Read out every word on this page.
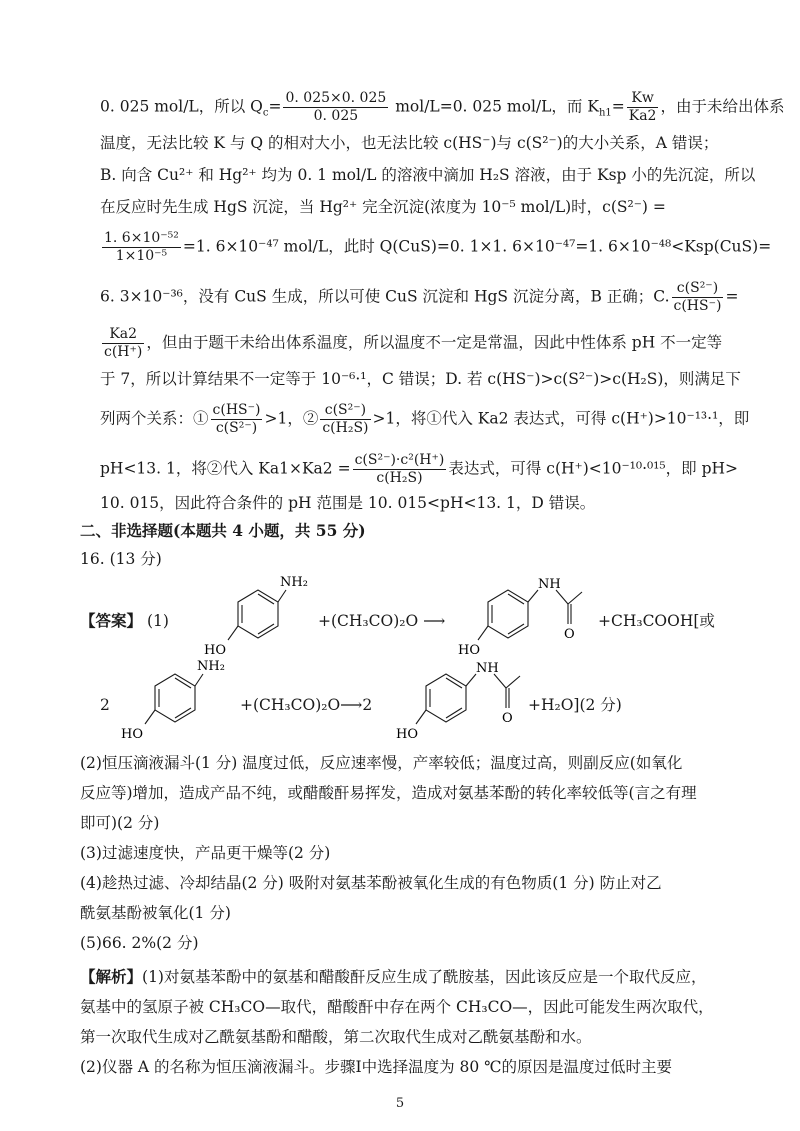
0. 025 mol/L，所以 $Q_c= \frac{0. 025\times 0. 025}{0. 025} mol/L=0$. 025 mol/L，而 $K_{h1}= \frac{Kw}{Ka2}$ ，由于未给出体系
温度，无法比较 K 与 Q 的相对大小，也无法比较 c(HS⁻)与 c(S²⁻)的大小关系，A 错误；
B. 向含 Cu²⁺ 和 Hg²⁺ 均为 0. 1 mol/L 的溶液中滴加 H₂S 溶液，由于 Ksp 小的先沉淀，所以
在反应时先生成 HgS 沉淀，当 Hg²⁺ 完全沉淀(浓度为 10⁻⁵ mol/L)时，c(S²⁻) =
$\frac{\text{1. 6×10⁻⁵²}}{\text{1×10⁻⁵}} =1$. 6×10⁻⁴⁷ mol/L，此时 Q(CuS)=0. 1×1. 6×10⁻⁴⁷=1. 6×10⁻⁴⁸<Ksp(CuS)=
6. 3×10⁻³⁶，没有 CuS 生成，所以可使 CuS 沉淀和 HgS 沉淀分离，B 正确；C. $\frac{\text{c(S²⁻)}}{c(HS^-)}$ =
$\frac{Ka2}{c(H^+)}$ ，但由于题干未给出体系温度，所以温度不一定是常温，因此中性体系 pH 不一定等
于 7，所以计算结果不一定等于 10⁻⁶·¹，C 错误；D. 若 c(HS⁻)>c(S²⁻)>c(H₂S)，则满足下
列两个关系：① $\frac{c(HS^-)}{\text{c(S²⁻)}} >1$，② $\frac{\text{c(S²⁻)}}{\text{c(H₂S)}} >1$，将①代入 Ka2 表达式，可得 c(H⁺)>10⁻¹³·¹，即
pH<13. 1，将②代入 $Ka1\times Ka2 = \frac{\text{c(S²⁻)·c²(H⁺)}}{\text{c(H₂S)}}$ 表达式，可得 c(H⁺)<10⁻¹⁰·⁰¹⁵，即 pH>
10. 015，因此符合条件的 pH 范围是 10. 015<pH<13. 1，D 错误。
二、非选择题(本题共 4 小题，共 55 分)
16. (13 分)
【答案】 (1)
NH₂
HO
+(CH₃CO)₂O ⟶
NH
O
HO
+CH₃COOH[或
2
NH₂
HO
+(CH₃CO)₂O⟶2
NH
O
HO
+H₂O](2 分)
(2)恒压滴液漏斗(1 分) 温度过低，反应速率慢，产率较低；温度过高，则副反应(如氧化
反应等)增加，造成产品不纯，或醋酸酐易挥发，造成对氨基苯酚的转化率较低等(言之有理
即可)(2 分)
(3)过滤速度快，产品更干燥等(2 分)
(4)趁热过滤、冷却结晶(2 分) 吸附对氨基苯酚被氧化生成的有色物质(1 分) 防止对乙
酰氨基酚被氧化(1 分)
(5)66. 2%(2 分)
【解析】(1)对氨基苯酚中的氨基和醋酸酐反应生成了酰胺基，因此该反应是一个取代反应，
氨基中的氢原子被 CH₃CO—取代，醋酸酐中存在两个 CH₃CO—，因此可能发生两次取代，
第一次取代生成对乙酰氨基酚和醋酸，第二次取代生成对乙酰氨基酚和水。
(2)仪器 A 的名称为恒压滴液漏斗。步骤Ⅰ中选择温度为 80 ℃的原因是温度过低时主要
5
